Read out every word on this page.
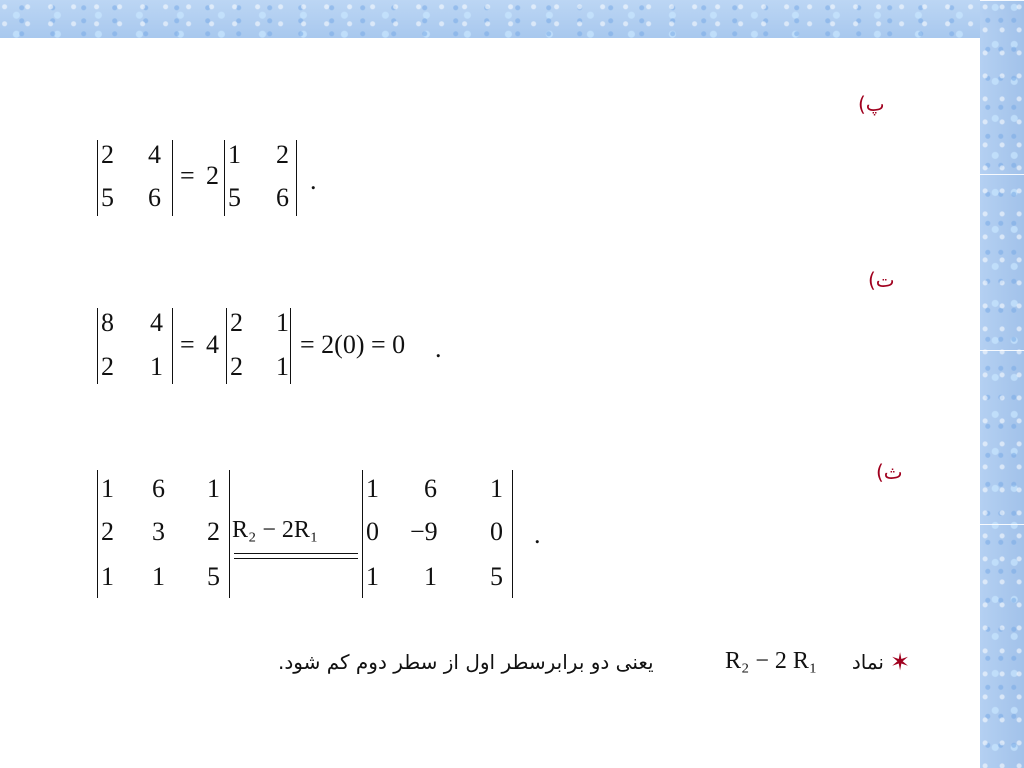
پ)
ت)
ث)
2 4
5 6
= 2
1 2
5 6
.
8 4
2 1
= 4
2 1
2 1
= 2(0) = 0 .
1 6 1
2 3 2
1 1 5
R₂ − 2R₁
1 6 1
0 −9 0
1 1 5
.
✶
نماد
R₂ − 2 R₁
یعنی دو برابرسطر اول از سطر دوم کم شود.
